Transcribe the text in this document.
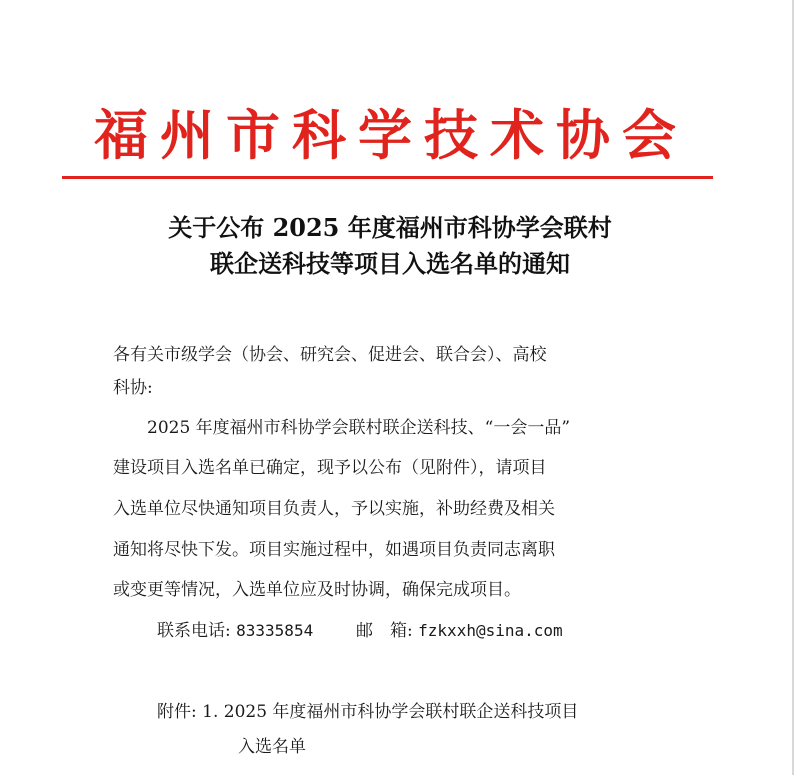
福州市科学技术协会
关于公布 2025 年度福州市科协学会联村
联企送科技等项目入选名单的通知
各有关市级学会（协会、研究会、促进会、联合会）、高校
科协:
　　2025 年度福州市科协学会联村联企送科技、“一会一品”
建设项目入选名单已确定，现予以公布（见附件），请项目
入选单位尽快通知项目负责人，予以实施，补助经费及相关
通知将尽快下发。项目实施过程中，如遇项目负责同志离职
或变更等情况，入选单位应及时协调，确保完成项目。
联系电话: 83335854	邮　箱: fzkxxh@sina.com
附件: 1. 2025 年度福州市科协学会联村联企送科技项目
入选名单
